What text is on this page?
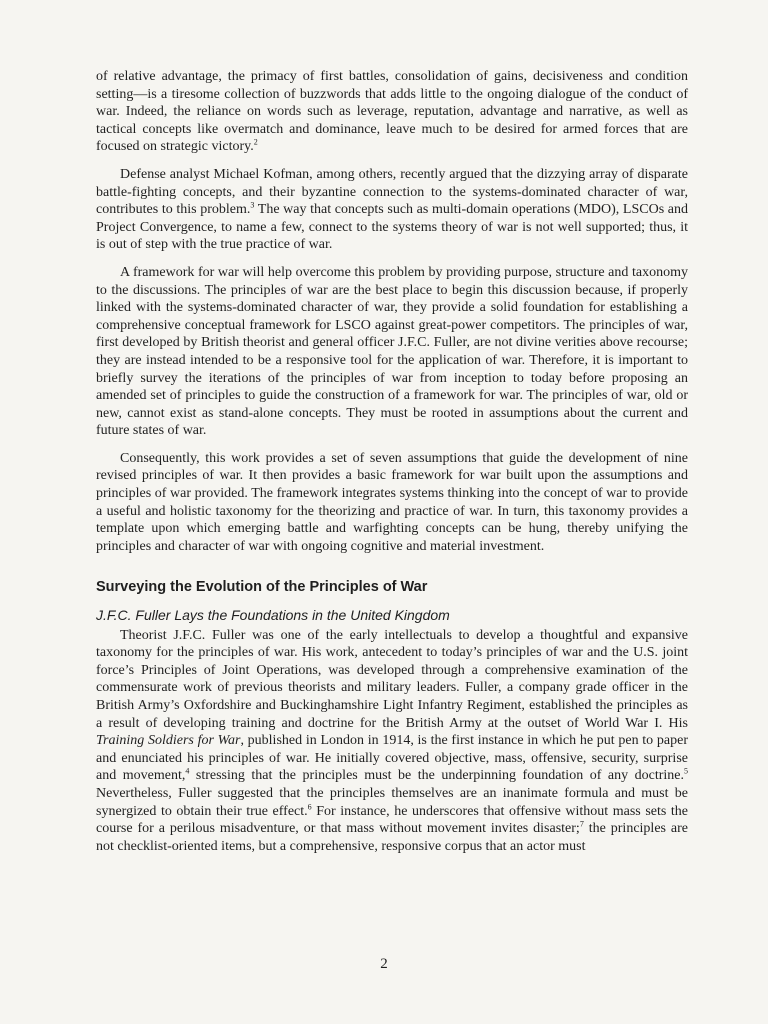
of relative advantage, the primacy of first battles, consolidation of gains, decisiveness and condition setting—is a tiresome collection of buzzwords that adds little to the ongoing dialogue of the conduct of war. Indeed, the reliance on words such as leverage, reputation, advantage and narrative, as well as tactical concepts like overmatch and dominance, leave much to be desired for armed forces that are focused on strategic victory.$^2$

Defense analyst Michael Kofman, among others, recently argued that the dizzying array of disparate battle-fighting concepts, and their byzantine connection to the systems-dominated character of war, contributes to this problem.$^3$ The way that concepts such as multi-domain operations (MDO), LSCOs and Project Convergence, to name a few, connect to the systems theory of war is not well supported; thus, it is out of step with the true practice of war.

A framework for war will help overcome this problem by providing purpose, structure and taxonomy to the discussions. The principles of war are the best place to begin this discussion because, if properly linked with the systems-dominated character of war, they provide a solid foundation for establishing a comprehensive conceptual framework for LSCO against great-power competitors. The principles of war, first developed by British theorist and general officer J.F.C. Fuller, are not divine verities above recourse; they are instead intended to be a responsive tool for the application of war. Therefore, it is important to briefly survey the iterations of the principles of war from inception to today before proposing an amended set of principles to guide the construction of a framework for war. The principles of war, old or new, cannot exist as stand-alone concepts. They must be rooted in assumptions about the current and future states of war.

Consequently, this work provides a set of seven assumptions that guide the development of nine revised principles of war. It then provides a basic framework for war built upon the assumptions and principles of war provided. The framework integrates systems thinking into the concept of war to provide a useful and holistic taxonomy for the theorizing and practice of war. In turn, this taxonomy provides a template upon which emerging battle and warfighting concepts can be hung, thereby unifying the principles and character of war with ongoing cognitive and material investment.

Surveying the Evolution of the Principles of War
J.F.C. Fuller Lays the Foundations in the United Kingdom

Theorist J.F.C. Fuller was one of the early intellectuals to develop a thoughtful and expansive taxonomy for the principles of war. His work, antecedent to today’s principles of war and the U.S. joint force’s Principles of Joint Operations, was developed through a comprehensive examination of the commensurate work of previous theorists and military leaders. Fuller, a company grade officer in the British Army’s Oxfordshire and Buckinghamshire Light Infantry Regiment, established the principles as a result of developing training and doctrine for the British Army at the outset of World War I. His Training Soldiers for War, published in London in 1914, is the first instance in which he put pen to paper and enunciated his principles of war. He initially covered objective, mass, offensive, security, surprise and movement,$^4$ stressing that the principles must be the underpinning foundation of any doctrine.$^5$ Nevertheless, Fuller suggested that the principles themselves are an inanimate formula and must be synergized to obtain their true effect.$^6$ For instance, he underscores that offensive without mass sets the course for a perilous misadventure, or that mass without movement invites disaster;$^7$ the principles are not checklist-oriented items, but a comprehensive, responsive corpus that an actor must

2
